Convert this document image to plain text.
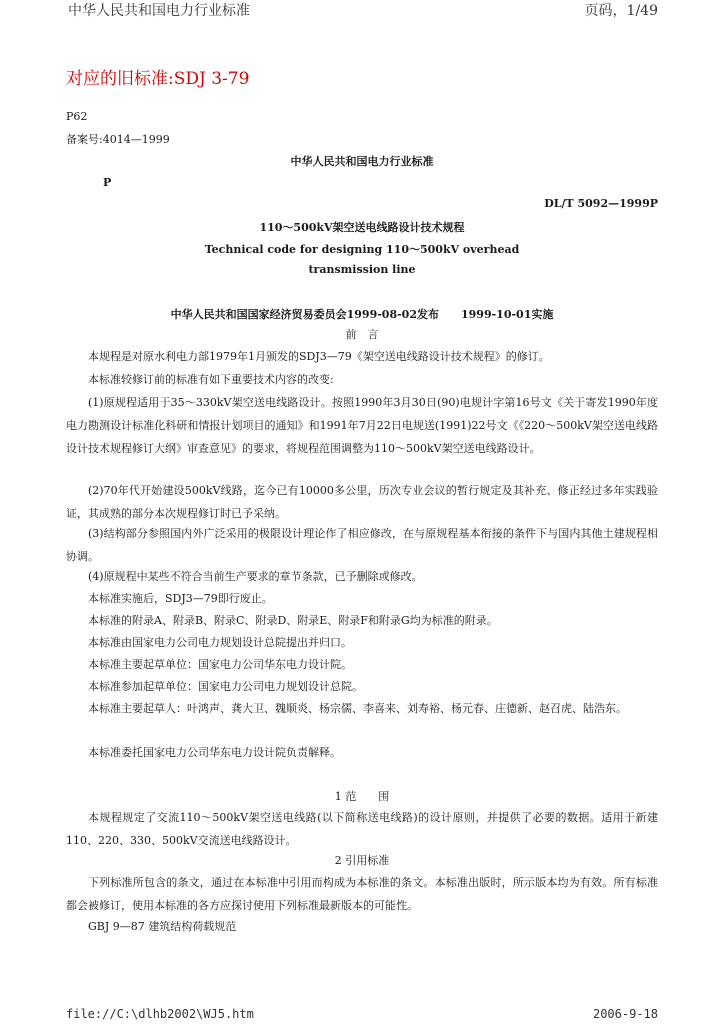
中华人民共和国电力行业标准	页码，1/49
对应的旧标准:SDJ 3-79
P62
备案号:4014—1999
中华人民共和国电力行业标准
P
DL/T 5092—1999P
110～500kV架空送电线路设计技术规程
Technical code for designing 110～500kV overhead
transmission line
中华人民共和国国家经济贸易委员会1999-08-02发布　　1999-10-01实施
前　言
本规程是对原水利电力部1979年1月颁发的SDJ3—79《架空送电线路设计技术规程》的修订。
本标准较修订前的标准有如下重要技术内容的改变:
(1)原规程适用于35～330kV架空送电线路设计。按照1990年3月30日(90)电规计字第16号文《关于寄发1990年度电力勘测设计标准化科研和情报计划项目的通知》和1991年7月22日电规送(1991)22号文《《220～500kV架空送电线路设计技术规程修订大纲》审查意见》的要求，将规程范围调整为110～500kV架空送电线路设计。
(2)70年代开始建设500kV线路，迄今已有10000多公里，历次专业会议的暂行规定及其补充、修正经过多年实践验证，其成熟的部分本次规程修订时已予采纳。
(3)结构部分参照国内外广泛采用的极限设计理论作了相应修改，在与原规程基本衔接的条件下与国内其他土建规程相协调。
(4)原规程中某些不符合当前生产要求的章节条款，已予删除或修改。
本标准实施后，SDJ3—79即行废止。
本标准的附录A、附录B、附录C、附录D、附录E、附录F和附录G均为标准的附录。
本标准由国家电力公司电力规划设计总院提出并归口。
本标准主要起草单位：国家电力公司华东电力设计院。
本标准参加起草单位：国家电力公司电力规划设计总院。
本标准主要起草人：叶鸿声、龚大卫、魏顺炎、杨宗儒、李喜来、刘寿裕、杨元春、庄德新、赵召虎、陆浩东。
本标准委托国家电力公司华东电力设计院负责解释。
1 范　　围
本规程规定了交流110～500kV架空送电线路(以下简称送电线路)的设计原则，并提供了必要的数据。适用于新建110、220、330、500kV交流送电线路设计。
2 引用标准
下列标准所包含的条文，通过在本标准中引用而构成为本标准的条文。本标准出版时，所示版本均为有效。所有标准都会被修订，使用本标准的各方应探讨使用下列标准最新版本的可能性。
GBJ 9—87 建筑结构荷载规范
file://C:\dlhb2002\WJ5.htm	2006-9-18
